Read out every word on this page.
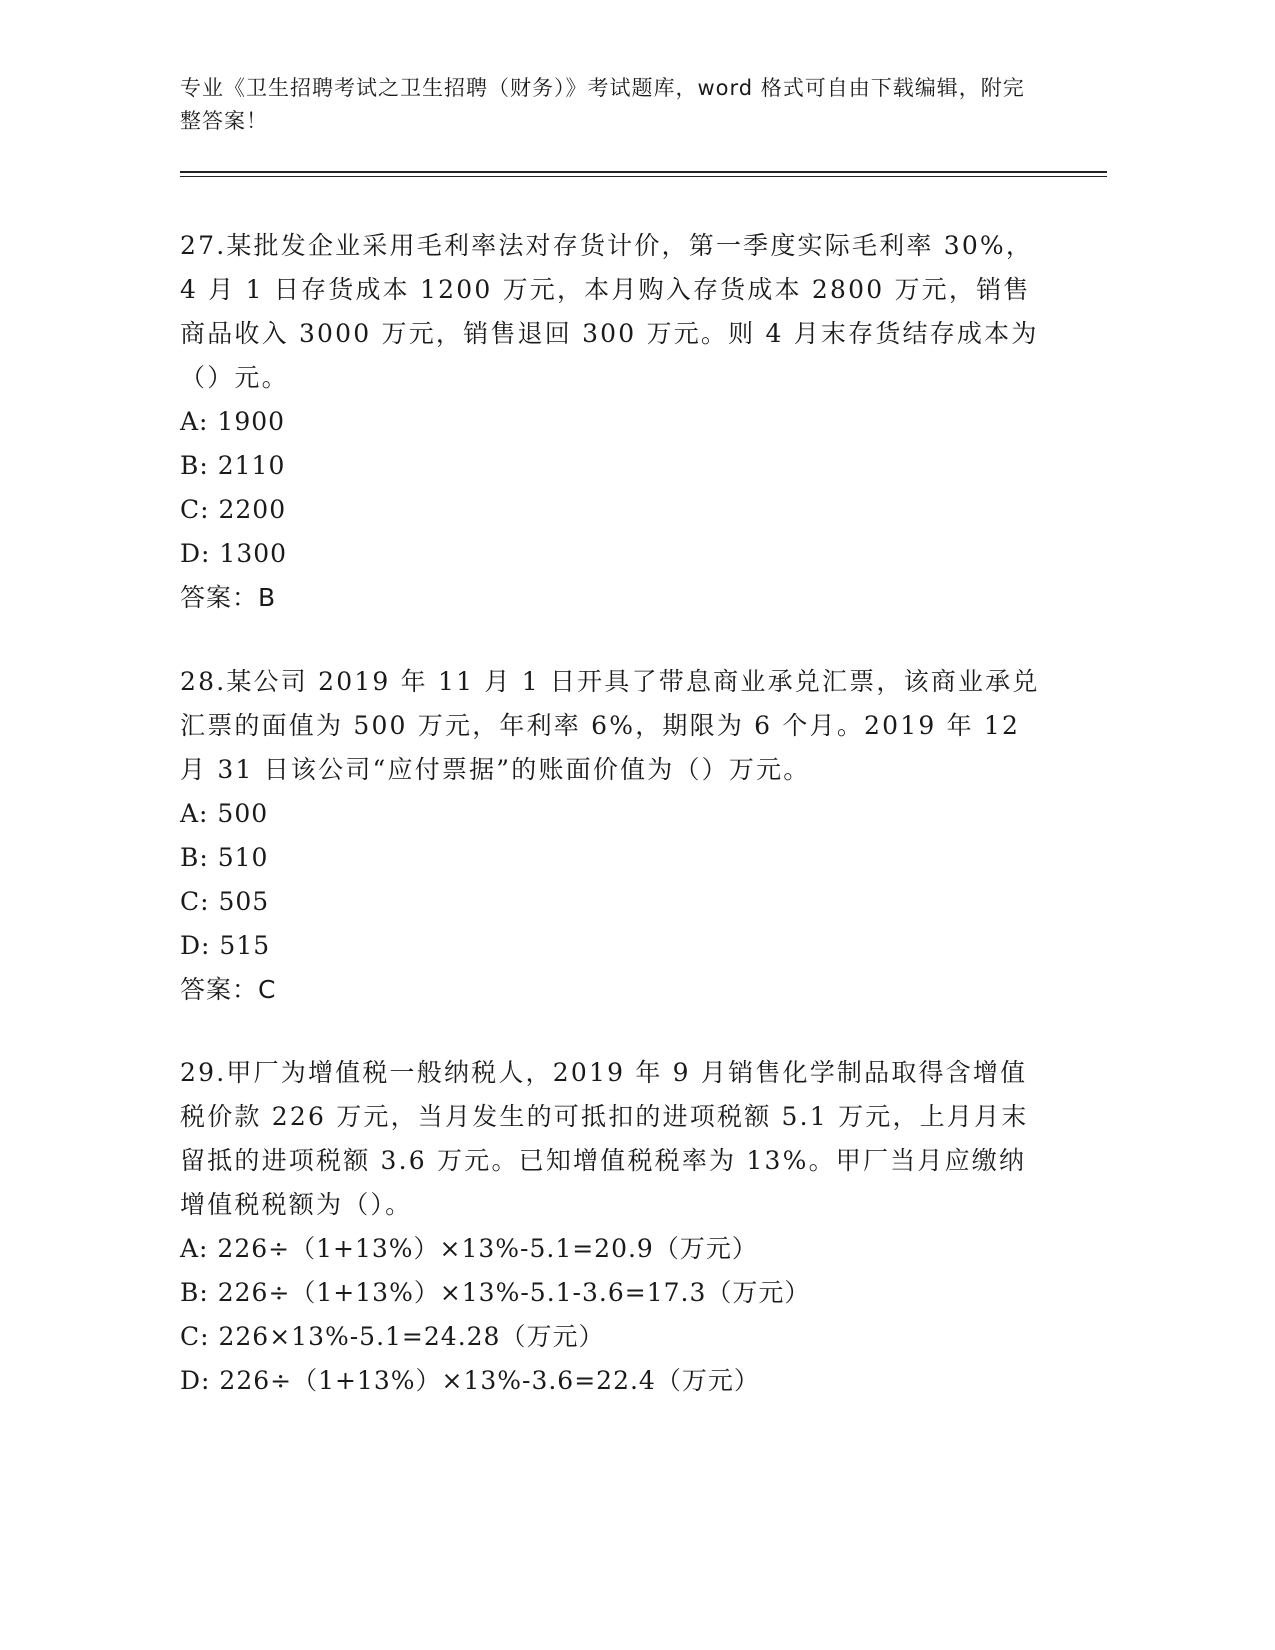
专业《卫生招聘考试之卫生招聘（财务）》考试题库，word 格式可自由下载编辑，附完整答案！

27.某批发企业采用毛利率法对存货计价，第一季度实际毛利率 30%，4 月 1 日存货成本 1200 万元，本月购入存货成本 2800 万元，销售商品收入 3000 万元，销售退回 300 万元。则 4 月末存货结存成本为（）元。

A: 1900

B: 2110

C: 2200

D: 1300

答案：B

28.某公司 2019 年 11 月 1 日开具了带息商业承兑汇票，该商业承兑汇票的面值为 500 万元，年利率 6%，期限为 6 个月。2019 年 12 月 31 日该公司“应付票据”的账面价值为（）万元。

A: 500

B: 510

C: 505

D: 515

答案：C

29.甲厂为增值税一般纳税人，2019 年 9 月销售化学制品取得含增值税价款 226 万元，当月发生的可抵扣的进项税额 5.1 万元，上月月末留抵的进项税额 3.6 万元。已知增值税税率为 13%。甲厂当月应缴纳增值税税额为（）。

A: 226÷（1+13%）×13%-5.1=20.9（万元）

B: 226÷（1+13%）×13%-5.1-3.6=17.3（万元）

C: 226×13%-5.1=24.28（万元）

D: 226÷（1+13%）×13%-3.6=22.4（万元）
